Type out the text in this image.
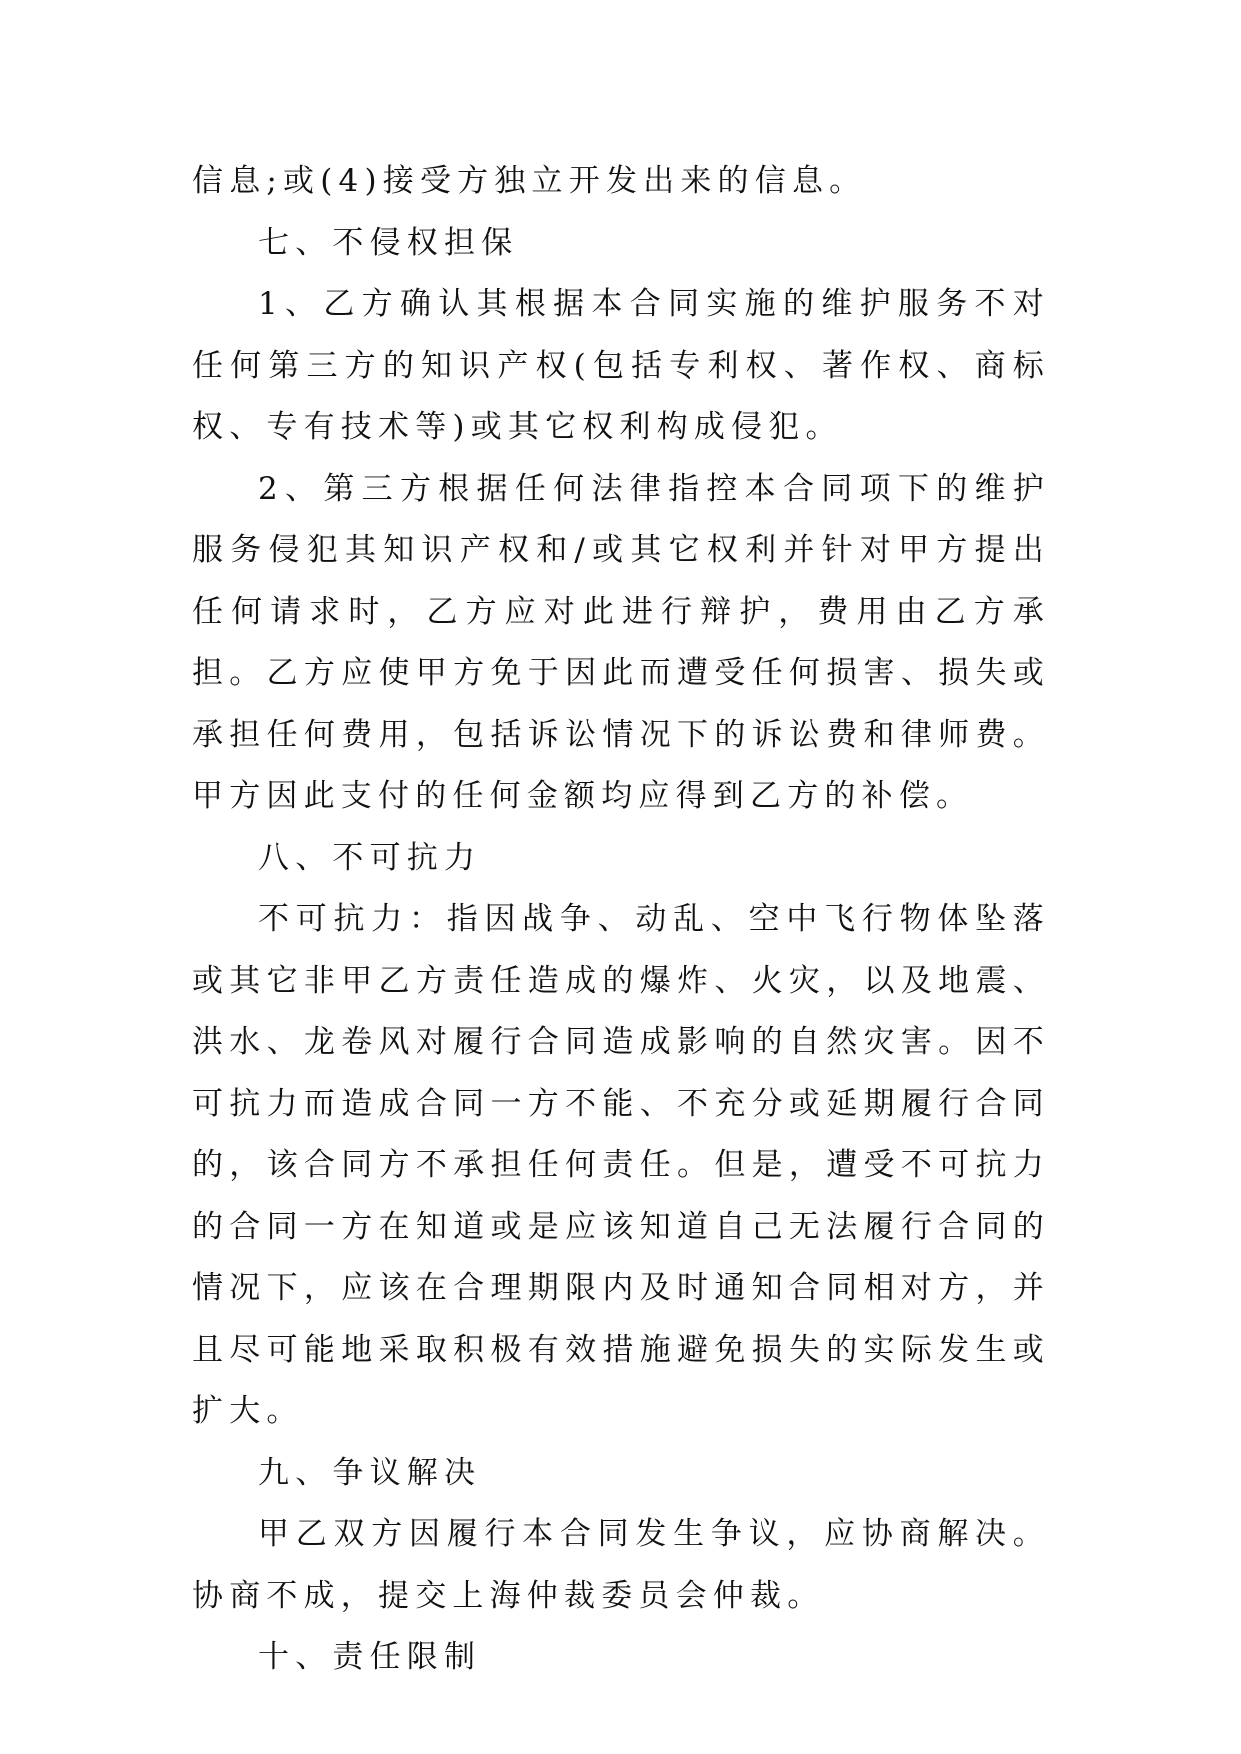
信息;或(4)接受方独立开发出来的信息。

七、不侵权担保

1、乙方确认其根据本合同实施的维护服务不对任何第三方的知识产权(包括专利权、著作权、商标权、专有技术等)或其它权利构成侵犯。

2、第三方根据任何法律指控本合同项下的维护服务侵犯其知识产权和/或其它权利并针对甲方提出任何请求时，乙方应对此进行辩护，费用由乙方承担。乙方应使甲方免于因此而遭受任何损害、损失或承担任何费用，包括诉讼情况下的诉讼费和律师费。甲方因此支付的任何金额均应得到乙方的补偿。

八、不可抗力

不可抗力：指因战争、动乱、空中飞行物体坠落或其它非甲乙方责任造成的爆炸、火灾，以及地震、洪水、龙卷风对履行合同造成影响的自然灾害。因不可抗力而造成合同一方不能、不充分或延期履行合同的，该合同方不承担任何责任。但是，遭受不可抗力的合同一方在知道或是应该知道自己无法履行合同的情况下，应该在合理期限内及时通知合同相对方，并且尽可能地采取积极有效措施避免损失的实际发生或扩大。

九、争议解决

甲乙双方因履行本合同发生争议，应协商解决。协商不成，提交上海仲裁委员会仲裁。

十、责任限制
